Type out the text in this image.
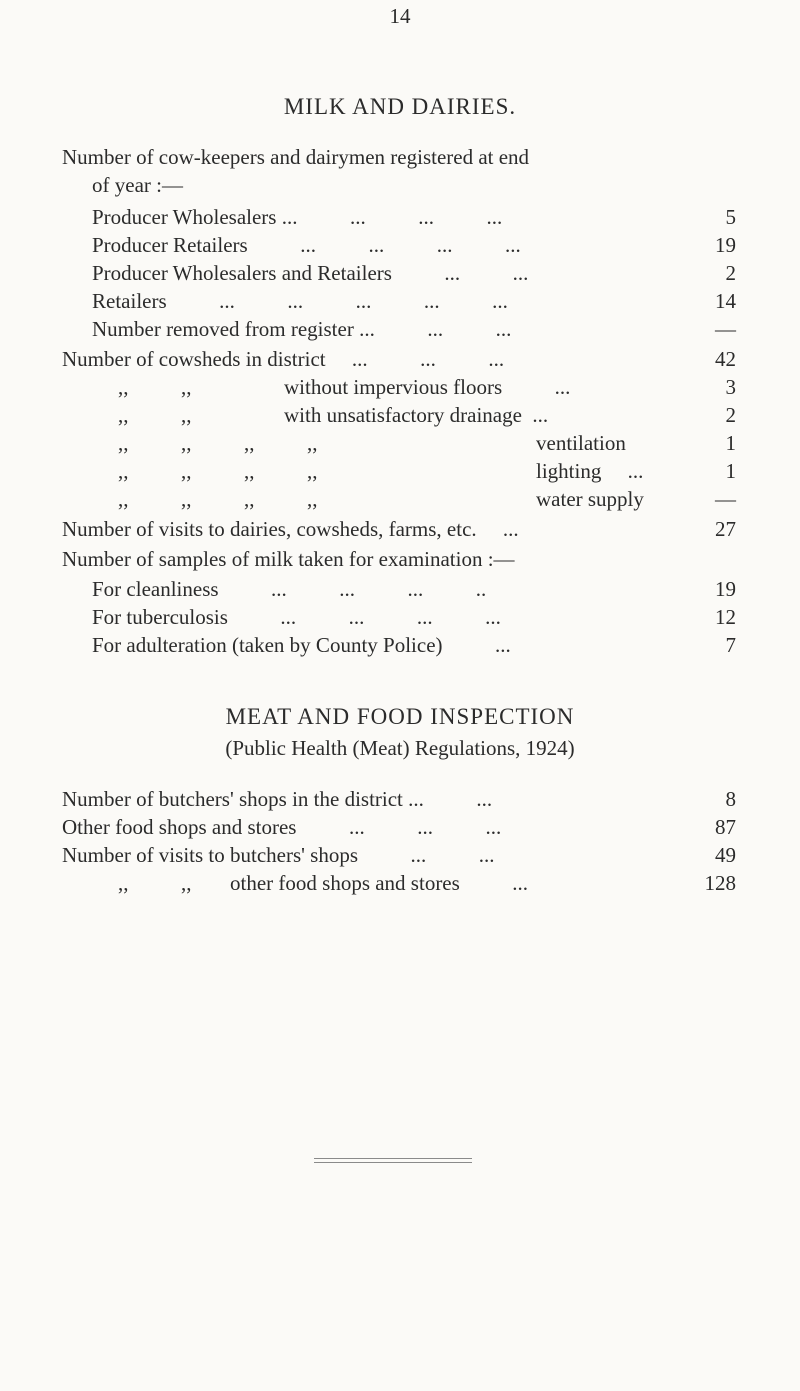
14
MILK AND DAIRIES.
Number of cow-keepers and dairymen registered at end
of year :—
Producer Wholesalers ...          ...          ...          ...	5
Producer Retailers          ...          ...          ...          ...	19
Producer Wholesalers and Retailers          ...          ...	2
Retailers          ...          ...          ...          ...          ...	14
Number removed from register ...          ...          ...	—
Number of cowsheds in district     ...          ...          ...	42
,,          ,,	without impervious floors          ...	3
,,          ,,	with unsatisfactory drainage  ...	2
,,          ,,          ,,          ,,	ventilation	1
,,          ,,          ,,          ,,	lighting     ...	1
,,          ,,          ,,          ,,	water supply	—
Number of visits to dairies, cowsheds, farms, etc.     ...	27
Number of samples of milk taken for examination :—
For cleanliness          ...          ...          ...          ..	19
For tuberculosis          ...          ...          ...          ...	12
For adulteration (taken by County Police)          ...	7
MEAT AND FOOD INSPECTION
(Public Health (Meat) Regulations, 1924)
Number of butchers' shops in the district ...          ...	8
Other food shops and stores          ...          ...          ...	87
Number of visits to butchers' shops          ...          ...	49
,,          ,, other food shops and stores          ...	128
